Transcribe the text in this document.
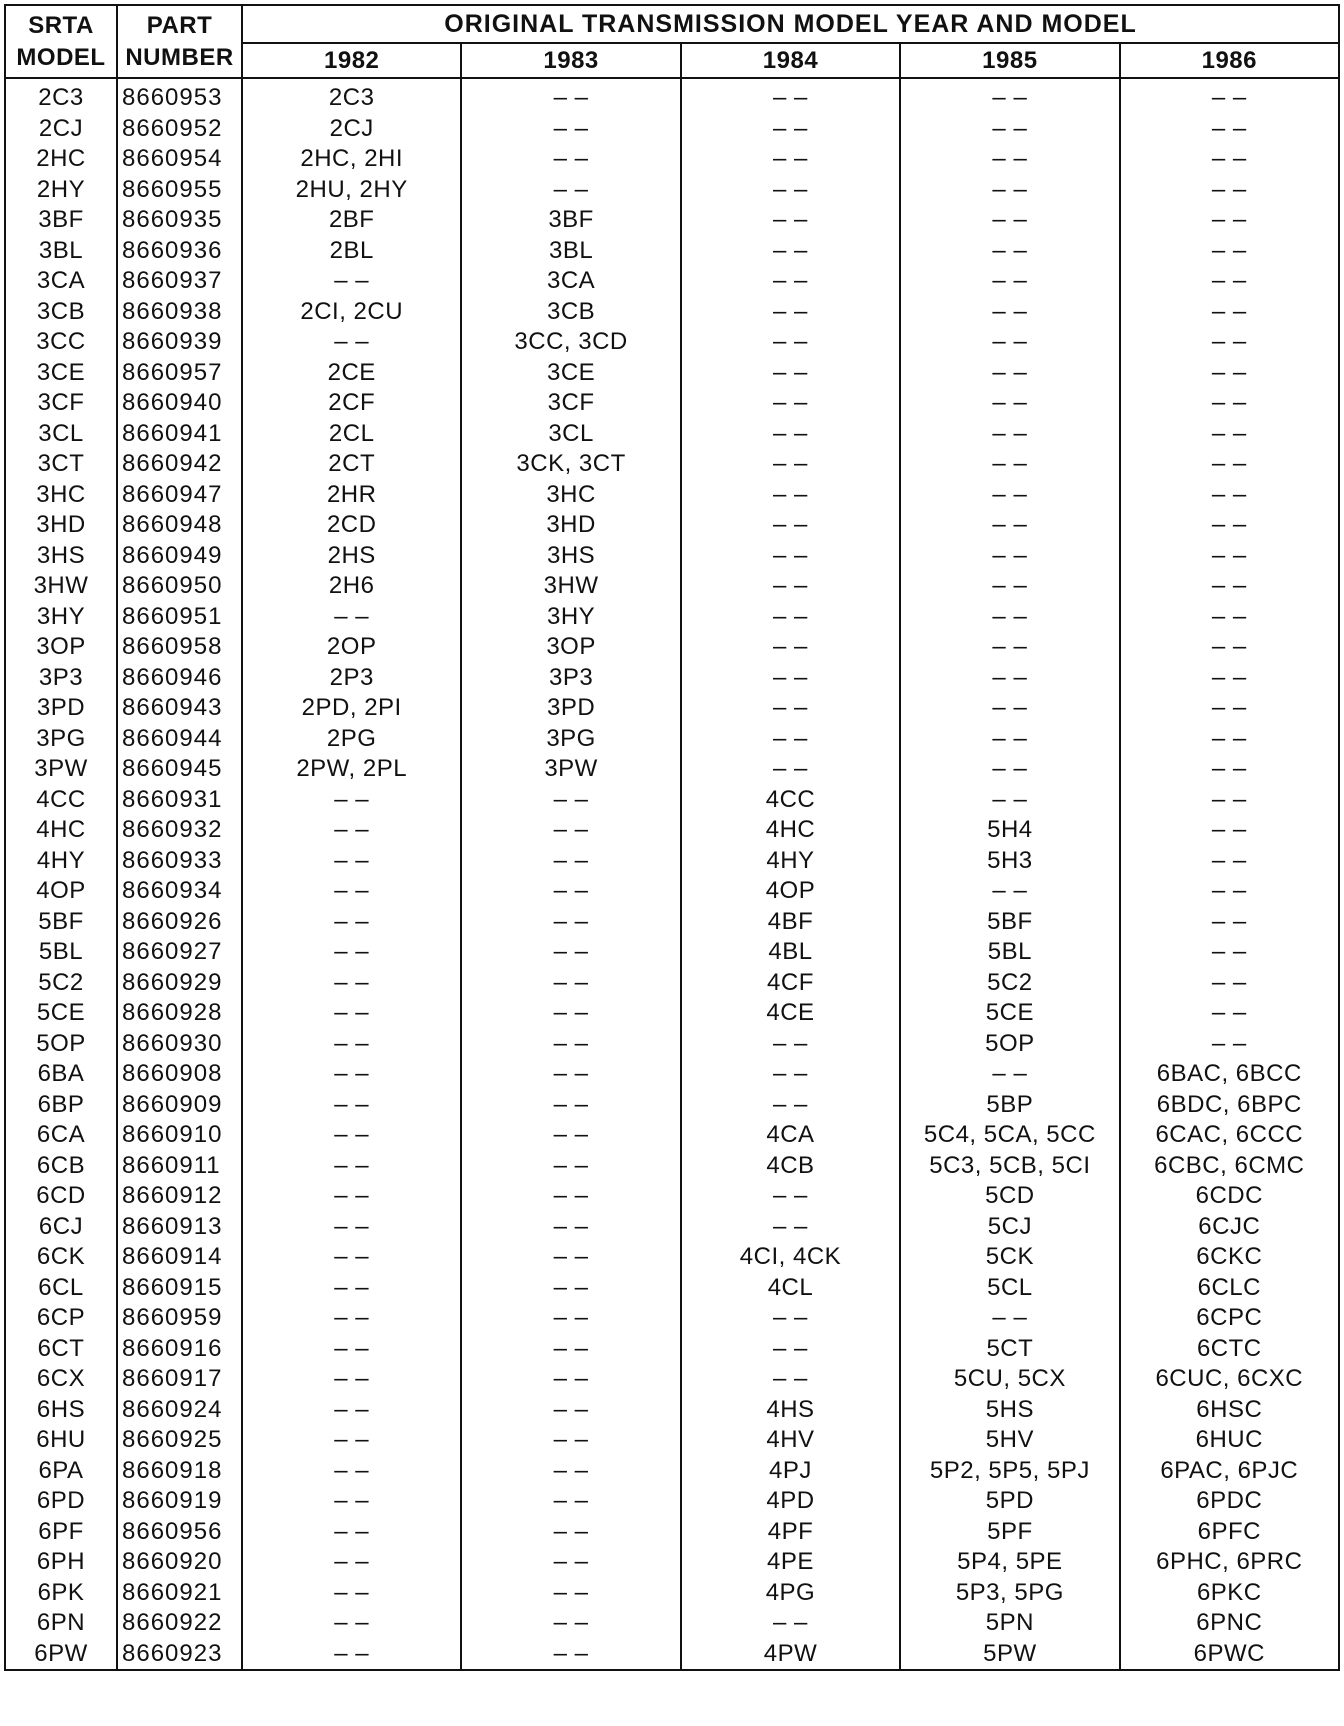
SRTA
MODEL	PART
NUMBER	ORIGINAL TRANSMISSION MODEL YEAR AND MODEL				
		1982	1983	1984	1985	1986
2C3	8660953	2C3	– –	– –	– –	– –
2CJ	8660952	2CJ	– –	– –	– –	– –
2HC	8660954	2HC, 2HI	– –	– –	– –	– –
2HY	8660955	2HU, 2HY	– –	– –	– –	– –
3BF	8660935	2BF	3BF	– –	– –	– –
3BL	8660936	2BL	3BL	– –	– –	– –
3CA	8660937	– –	3CA	– –	– –	– –
3CB	8660938	2CI, 2CU	3CB	– –	– –	– –
3CC	8660939	– –	3CC, 3CD	– –	– –	– –
3CE	8660957	2CE	3CE	– –	– –	– –
3CF	8660940	2CF	3CF	– –	– –	– –
3CL	8660941	2CL	3CL	– –	– –	– –
3CT	8660942	2CT	3CK, 3CT	– –	– –	– –
3HC	8660947	2HR	3HC	– –	– –	– –
3HD	8660948	2CD	3HD	– –	– –	– –
3HS	8660949	2HS	3HS	– –	– –	– –
3HW	8660950	2H6	3HW	– –	– –	– –
3HY	8660951	– –	3HY	– –	– –	– –
3OP	8660958	2OP	3OP	– –	– –	– –
3P3	8660946	2P3	3P3	– –	– –	– –
3PD	8660943	2PD, 2PI	3PD	– –	– –	– –
3PG	8660944	2PG	3PG	– –	– –	– –
3PW	8660945	2PW, 2PL	3PW	– –	– –	– –
4CC	8660931	– –	– –	4CC	– –	– –
4HC	8660932	– –	– –	4HC	5H4	– –
4HY	8660933	– –	– –	4HY	5H3	– –
4OP	8660934	– –	– –	4OP	– –	– –
5BF	8660926	– –	– –	4BF	5BF	– –
5BL	8660927	– –	– –	4BL	5BL	– –
5C2	8660929	– –	– –	4CF	5C2	– –
5CE	8660928	– –	– –	4CE	5CE	– –
5OP	8660930	– –	– –	– –	5OP	– –
6BA	8660908	– –	– –	– –	– –	6BAC, 6BCC
6BP	8660909	– –	– –	– –	5BP	6BDC, 6BPC
6CA	8660910	– –	– –	4CA	5C4, 5CA, 5CC	6CAC, 6CCC
6CB	8660911	– –	– –	4CB	5C3, 5CB, 5CI	6CBC, 6CMC
6CD	8660912	– –	– –	– –	5CD	6CDC
6CJ	8660913	– –	– –	– –	5CJ	6CJC
6CK	8660914	– –	– –	4CI, 4CK	5CK	6CKC
6CL	8660915	– –	– –	4CL	5CL	6CLC
6CP	8660959	– –	– –	– –	– –	6CPC
6CT	8660916	– –	– –	– –	5CT	6CTC
6CX	8660917	– –	– –	– –	5CU, 5CX	6CUC, 6CXC
6HS	8660924	– –	– –	4HS	5HS	6HSC
6HU	8660925	– –	– –	4HV	5HV	6HUC
6PA	8660918	– –	– –	4PJ	5P2, 5P5, 5PJ	6PAC, 6PJC
6PD	8660919	– –	– –	4PD	5PD	6PDC
6PF	8660956	– –	– –	4PF	5PF	6PFC
6PH	8660920	– –	– –	4PE	5P4, 5PE	6PHC, 6PRC
6PK	8660921	– –	– –	4PG	5P3, 5PG	6PKC
6PN	8660922	– –	– –	– –	5PN	6PNC
6PW	8660923	– –	– –	4PW	5PW	6PWC
